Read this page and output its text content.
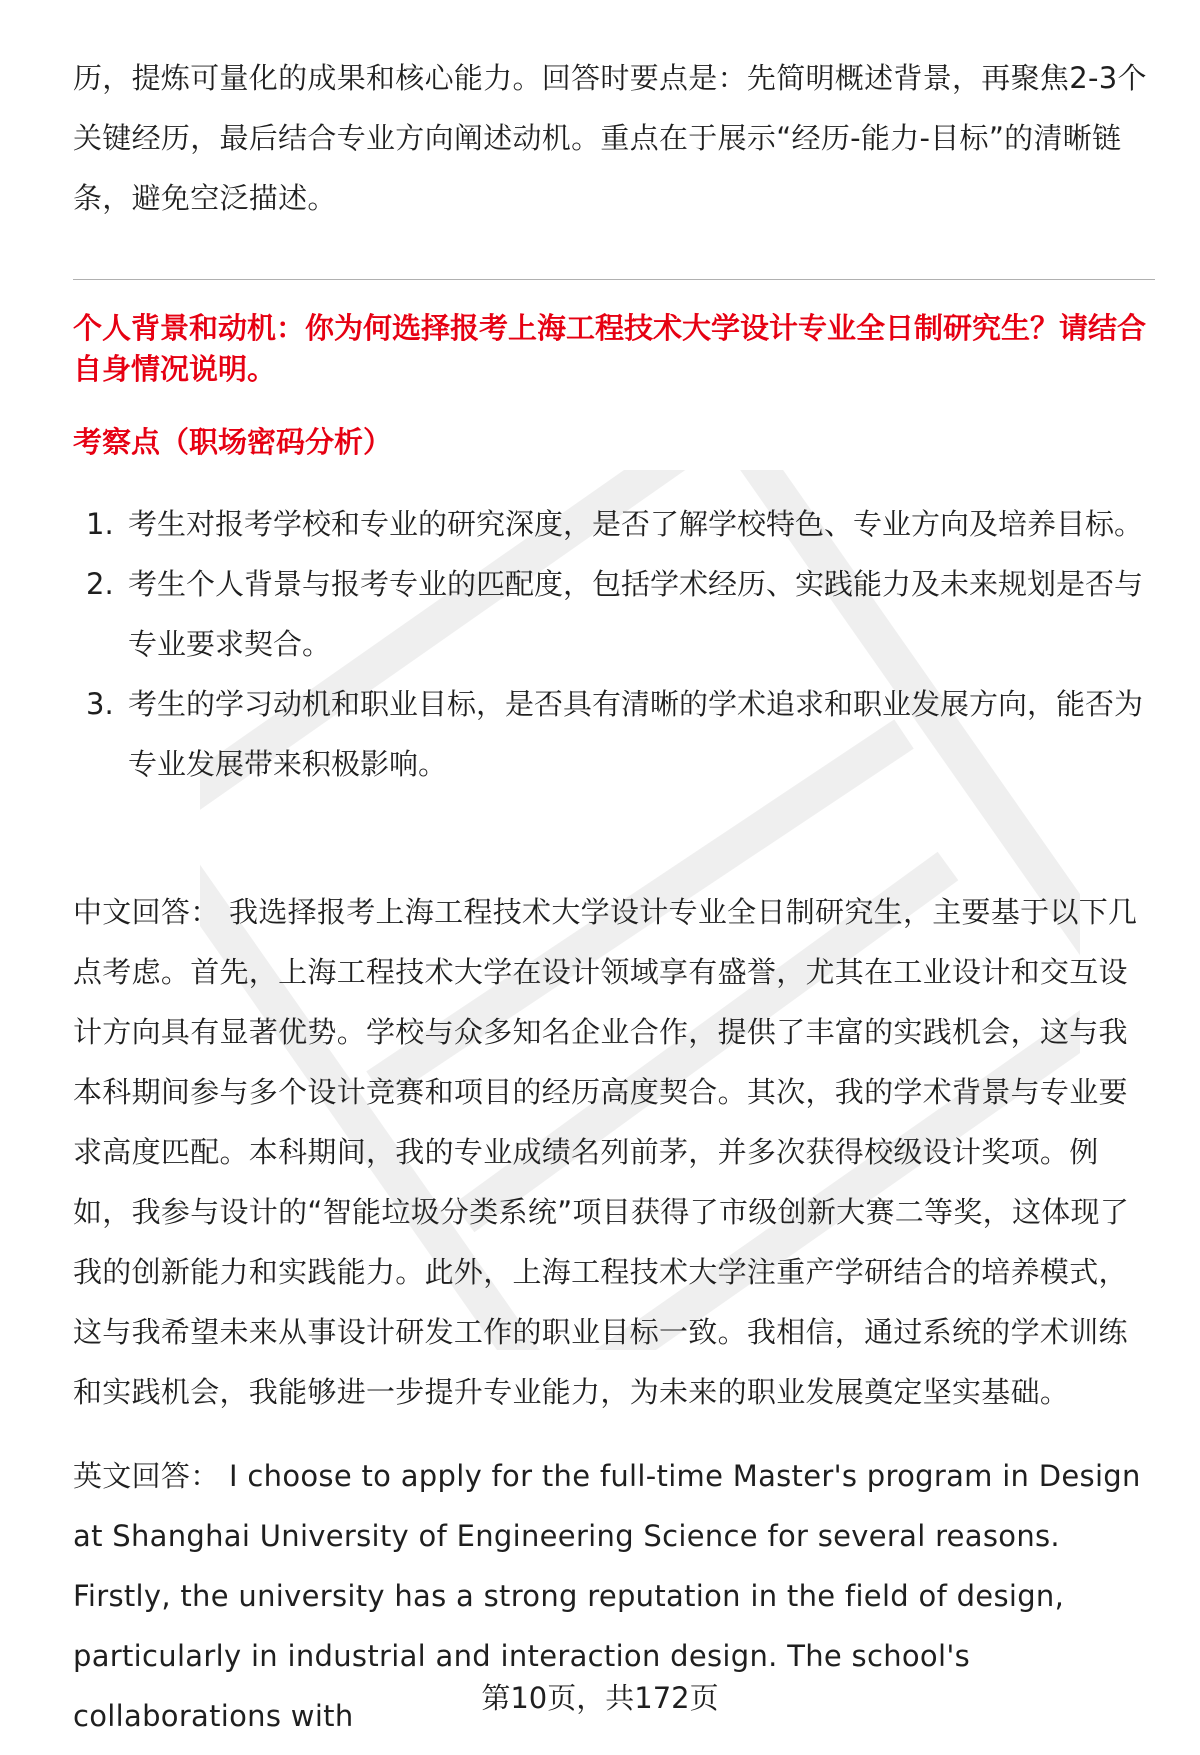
历，提炼可量化的成果和核心能力。回答时要点是：先简明概述背景，再聚焦2-3个关键经历，最后结合专业方向阐述动机。重点在于展示“经历-能力-目标”的清晰链条，避免空泛描述。

个人背景和动机：你为何选择报考上海工程技术大学设计专业全日制研究生？请结合自身情况说明。

考察点（职场密码分析）

1. 考生对报考学校和专业的研究深度，是否了解学校特色、专业方向及培养目标。
2. 考生个人背景与报考专业的匹配度，包括学术经历、实践能力及未来规划是否与专业要求契合。
3. 考生的学习动机和职业目标，是否具有清晰的学术追求和职业发展方向，能否为专业发展带来积极影响。

中文回答： 我选择报考上海工程技术大学设计专业全日制研究生，主要基于以下几点考虑。首先，上海工程技术大学在设计领域享有盛誉，尤其在工业设计和交互设计方向具有显著优势。学校与众多知名企业合作，提供了丰富的实践机会，这与我本科期间参与多个设计竞赛和项目的经历高度契合。其次，我的学术背景与专业要求高度匹配。本科期间，我的专业成绩名列前茅，并多次获得校级设计奖项。例如，我参与设计的“智能垃圾分类系统”项目获得了市级创新大赛二等奖，这体现了我的创新能力和实践能力。此外，上海工程技术大学注重产学研结合的培养模式，这与我希望未来从事设计研发工作的职业目标一致。我相信，通过系统的学术训练和实践机会，我能够进一步提升专业能力，为未来的职业发展奠定坚实基础。

英文回答： I choose to apply for the full-time Master's program in Design at Shanghai University of Engineering Science for several reasons. Firstly, the university has a strong reputation in the field of design, particularly in industrial and interaction design. The school's collaborations with

第10页，共172页
